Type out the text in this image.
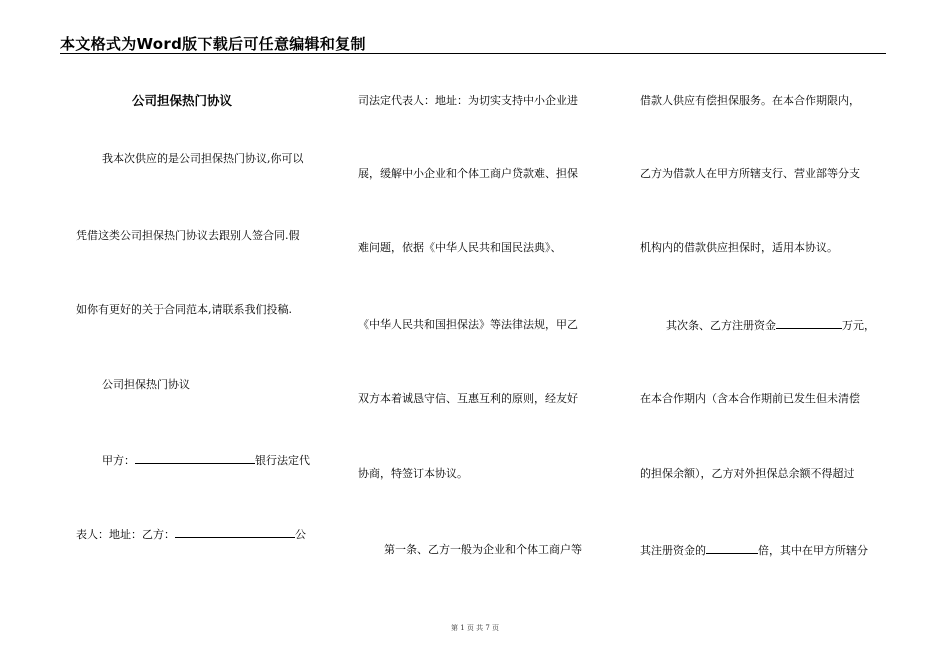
本文格式为Word版下载后可任意编辑和复制
公司担保热门协议
我本次供应的是公司担保热门协议,你可以
凭借这类公司担保热门协议去跟别人签合同.假
如你有更好的关于合同范本,请联系我们投稿.
公司担保热门协议
甲方：	银行法定代
表人：地址：乙方：	公
司法定代表人：地址：为切实支持中小企业进
展，缓解中小企业和个体工商户贷款难、担保
难问题，依据《中华人民共和国民法典》、
《中华人民共和国担保法》等法律法规，甲乙
双方本着诚恳守信、互惠互利的原则，经友好
协商，特签订本协议。
第一条、乙方一般为企业和个体工商户等
借款人供应有偿担保服务。在本合作期限内，
乙方为借款人在甲方所辖支行、营业部等分支
机构内的借款供应担保时，适用本协议。
其次条、乙方注册资金	万元，
在本合作期内（含本合作期前已发生但未清偿
的担保余额），乙方对外担保总余额不得超过
其注册资金的	倍，其中在甲方所辖分
第 1 页 共 7 页
